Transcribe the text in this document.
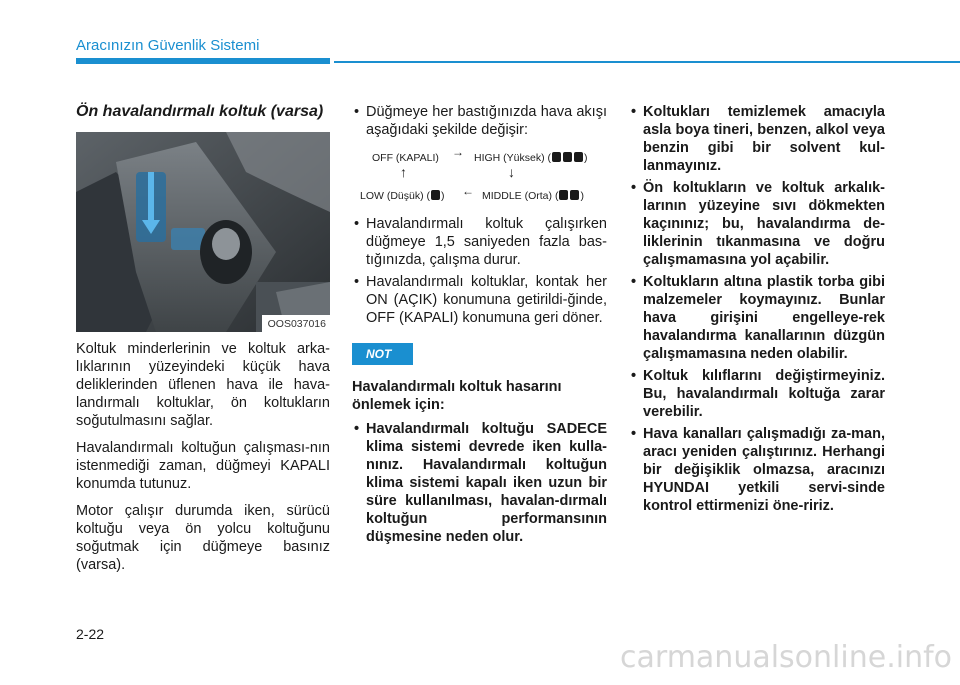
Aracınızın Güvenlik Sistemi
Ön havalandırmalı koltuk (varsa)
OOS037016

Koltuk minderlerinin ve koltuk arka-lıklarının yüzeyindeki küçük hava deliklerinden üflenen hava ile hava-landırmalı koltuklar, ön koltukların soğutulmasını sağlar.

Havalandırmalı koltuğun çalışması-nın istenmediği zaman, düğmeyi KAPALI konumda tutunuz.

Motor çalışır durumda iken, sürücü koltuğu veya ön yolcu koltuğunu soğutmak için düğmeye basınız (varsa).

• Düğmeye her bastığınızda hava akışı aşağıdaki şekilde değişir:
OFF (KAPALI) → HIGH (Yüksek) (	)
↑	↓
LOW (Düşük) ( ) ← MIDDLE (Orta) ( )
• Havalandırmalı koltuk çalışırken düğmeye 1,5 saniyeden fazla bas-tığınızda, çalışma durur.
• Havalandırmalı koltuklar, kontak her ON (AÇIK) konumuna getirildi-ğinde, OFF (KAPALI) konumuna geri döner.
NOT
Havalandırmalı koltuk hasarını önlemek için:
• Havalandırmalı koltuğu SADECE klima sistemi devrede iken kulla-nınız. Havalandırmalı koltuğun klima sistemi kapalı iken uzun bir süre kullanılması, havalan-dırmalı koltuğun performansının düşmesine neden olur.
• Koltukları temizlemek amacıyla asla boya tineri, benzen, alkol veya benzin gibi bir solvent kul-lanmayınız.
• Ön koltukların ve koltuk arkalık-larının yüzeyine sıvı dökmekten kaçınınız; bu, havalandırma de-liklerinin tıkanmasına ve doğru çalışmamasına yol açabilir.
• Koltukların altına plastik torba gibi malzemeler koymayınız. Bunlar hava girişini engelleye-rek havalandırma kanallarının düzgün çalışmamasına neden olabilir.
• Koltuk kılıflarını değiştirmeyiniz. Bu, havalandırmalı koltuğa zarar verebilir.
• Hava kanalları çalışmadığı za-man, aracı yeniden çalıştırınız. Herhangi bir değişiklik olmazsa, aracınızı HYUNDAI yetkili servi-sinde kontrol ettirmenizi öne-ririz.
2-22
carmanualsonline.info
